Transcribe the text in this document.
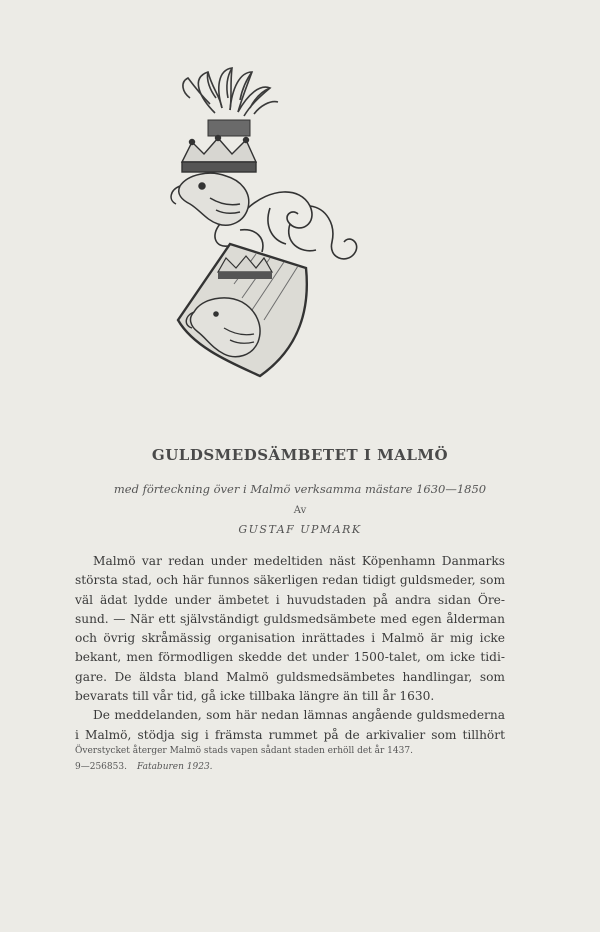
GULDSMEDSÄMBETET I MALMÖ

med förteckning över i Malmö verksamma mästare 1630—1850

Av

GUSTAF UPMARK

Malmö var redan under medeltiden näst Köpenhamn Danmarks
största stad, och här funnos säkerligen redan tidigt guldsmeder, som
väl ädat lydde under ämbetet i huvudstaden på andra sidan Öre-
sund. — När ett självständigt guldsmedsämbete med egen ålderman
och övrig skråmässig organisation inrättades i Malmö är mig icke
bekant, men förmodligen skedde det under 1500-talet, om icke tidi-
gare. De äldsta bland Malmö guldsmedsämbetes handlingar, som
bevarats till vår tid, gå icke tillbaka längre än till år 1630.
De meddelanden, som här nedan lämnas angående guldsmederna
i Malmö, stödja sig i främsta rummet på de arkivalier som tillhört
Överstycket återger Malmö stads vapen sådant staden erhöll det år 1437.
9—256853. Fataburen 1923.
